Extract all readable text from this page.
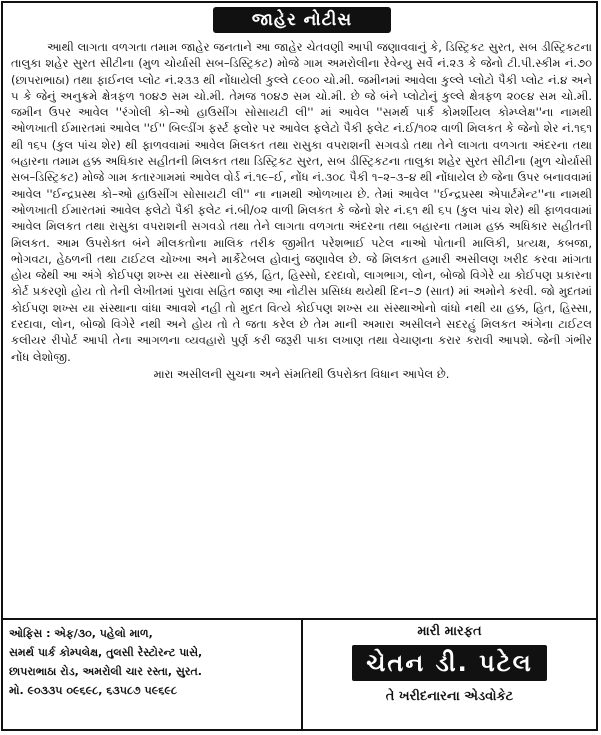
જાહેર નોટીસ

આથી લાગતા વળગતા તમામ જાહેર જનતાને આ જાહેર ચેતવણી આપી જણાવવાનું કે, ડિસ્ટ્રિકટ સુરત, સબ ડીસ્ટ્રિકટના તાલુકા શહેર સુરત સીટીના (મુળ ચોર્યાસી સબ–ડિસ્ટ્રિકટ) મોજે ગામ અમરોલીના રેવેન્યુ સર્વે નં.૨૩ કે જેનો ટી.પી.સ્કીમ નં.૭૦ (છાપરાભાઠા) તથા ફાઈનલ પ્લોટ નં.૨૩૩ થી નોંધાયેલી કુલ્લે ૮૯૦૦ ચો.મી. જમીનમાં આવેલા કુલ્લે પ્લોટો પૈકી પ્લોટ નં.૪ અને ૫ કે જેનું અનુક્રમે ક્ષેત્રફળ ૧૦૪૭ સમ ચો.મી. તેમજ ૧૦૪૭ સમ ચો.મી. છે જે બંને પ્લોટોનું કુલ્લે ક્ષેત્રફળ ૨૦૯૪ સમ ચો.મી. જમીન ઉપર આવેલ ''રંગોલી કો–ઓ હાઉસીંગ સોસાયટી લી'' માં આવેલ ''સમર્થ પાર્ક કોમર્શીયલ કોમ્પ્લેક્ષ''ના નામથી ઓળખાતી ઈમારતમાં આવેલ ''ઈ'' બિલ્ડીંગ ફર્સ્ટ ફલોર પર આવેલ ફલેટો પૈકી ફલેટ નં.ઈ/૧૦૨ વાળી મિલકત કે જેનો શેર નં.૧૬૧ થી ૧૬૫ (કુલ પાંચ શેર) થી ફાળવવામાં આવેલ મિલકત તથા રાસુકા વપરાશની સગવડો તથા તેને લાગતા વળગતા અંદરના તથા બહારના તમામ હક્ક અધિકાર સહીતની મિલકત તથા ડિસ્ટ્રિકટ સુરત, સબ ડીસ્ટ્રિકટના તાલુકા શહેર સુરત સીટીના (મુળ ચોર્યાસી સબ–ડિસ્ટ્રિકટ) મોજે ગામ કતારગામમાં આવેલ વોર્ડ નં.૧૯–ઈ, નોંધ નં.૩૦૮ પૈકી ૧–૨–૩–૪ થી નોંધાયેલ છે જેના ઉપર બનાવવામાં આવેલ ''ઈન્દ્રપ્રસ્થ કો–ઓ હાઉસીંગ સોસાયટી લી'' ના નામથી ઓળખાય છે. તેમાં આવેલ ''ઈન્દ્રપ્રસ્થ એપાર્ટમેન્ટ''ના નામથી ઓળખાતી ઈમારતમાં આવેલ ફલેટો પૈકી ફલેટ નં.બી/૦૨ વાળી મિલકત કે જેનો શેર નં.૬૧ થી ૬૫ (કુલ પાંચ શેર) થી ફાળવવામાં આવેલ મિલકત તથા રાસુકા વપરાશની સગવડો તથા તેને લાગતા વળગતા અંદરના તથા બહારના તમામ હક્ક અધિકાર સહીતની મિલકત. આમ ઉપરોક્ત બંને મીલકતોના માલિક તરીક જીમીત પરેશભાઈ પટેલ નાઓ પોતાની માલિકી, પ્રત્યક્ષ, કબજા, ભોગવટા, હેઠળની તથા ટાઈટલ ચોખ્ખા અને માર્કેટેબલ હોવાનું જણાવેલ છે. જે મિલકત હમારી અસીલણ ખરીદ કરવા માંગતા હોય જેથી આ અંગે કોઈપણ શખ્સ યા સંસ્થાનો હક્ક, હિત, હિસ્સો, દરદાવો, લાગભાગ, લોન, બોજો વિગેરે યા કોઈપણ પ્રકારના કોર્ટ પ્રકરણો હોય તો તેની લેખીતમાં પુરાવા સહિત જાણ આ નોટીસ પ્રસિધ્ધ થયેથી દિન–૭ (સાત) માં અમોને કરવી. જો મુદતમાં કોઈપણ શખ્સ યા સંસ્થાના વાંધા આવશે નહી તો મુદત વિત્યે કોઈપણ શખ્સ યા સંસ્થાઓનો વાંધો નથી યા હક્ક, હિત, હિસ્સા, દરદાવા, લોન, બોજો વિગેરે નથી અને હોય તો તે જતા કરેલ છે તેમ માની અમારા અસીલને સદરહું મિલકત અંગેના ટાઈટલ કલીયર રીપોર્ટ આપી તેના આગળના વ્યવહારો પુર્ણ કરી જરૂરી પાકા લખાણ તથા વેચાણના કરાર કરાવી આપશે. જેની ગંભીર નોંધ લેશોજી.

મારા અસીલની સુચના અને સંમતિથી ઉપરોક્ત વિધાન આપેલ છે.

ઓફિસ : એફ/૩૦, પહેલો માળ,
સમર્થ પાર્ક કોમ્પલેક્ષ, તુલસી રેસ્ટોરન્ટ પાસે,
છાપરાભાઠા રોડ, અમરોલી ચાર રસ્તા, સુરત.
મો. ૯૦૩૩૫ ૦૯૬૯૮, ૬૩૫૮૭ ૫૯૬૯૮
મારી મારફત
ચેતન ડી. પટેલ
તે ખરીદનારના એડવોકેટ
